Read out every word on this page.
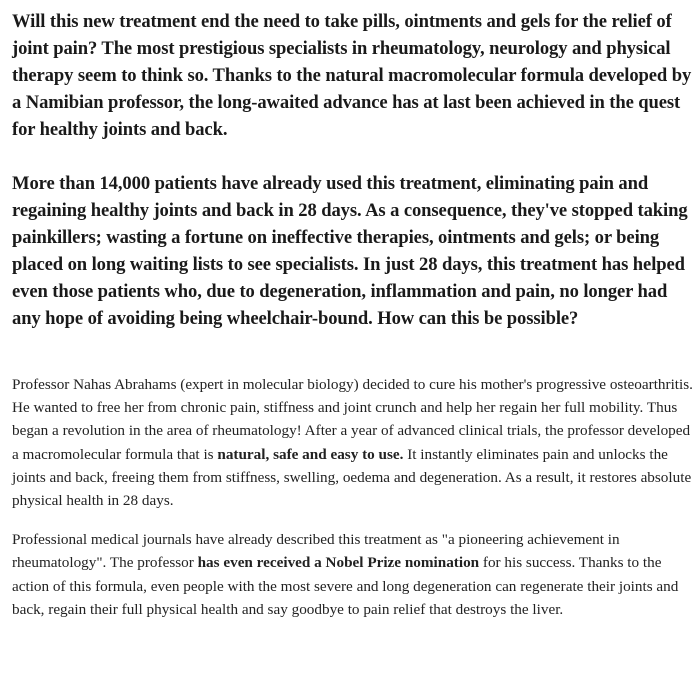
Will this new treatment end the need to take pills, ointments and gels for the relief of joint pain? The most prestigious specialists in rheumatology, neurology and physical therapy seem to think so. Thanks to the natural macromolecular formula developed by a Namibian professor, the long-awaited advance has at last been achieved in the quest for healthy joints and back.

More than 14,000 patients have already used this treatment, eliminating pain and regaining healthy joints and back in 28 days. As a consequence, they've stopped taking painkillers; wasting a fortune on ineffective therapies, ointments and gels; or being placed on long waiting lists to see specialists. In just 28 days, this treatment has helped even those patients who, due to degeneration, inflammation and pain, no longer had any hope of avoiding being wheelchair-bound. How can this be possible?

Professor Nahas Abrahams (expert in molecular biology) decided to cure his mother's progressive osteoarthritis. He wanted to free her from chronic pain, stiffness and joint crunch and help her regain her full mobility. Thus began a revolution in the area of rheumatology! After a year of advanced clinical trials, the professor developed a macromolecular formula that is natural, safe and easy to use. It instantly eliminates pain and unlocks the joints and back, freeing them from stiffness, swelling, oedema and degeneration. As a result, it restores absolute physical health in 28 days.

Professional medical journals have already described this treatment as "a pioneering achievement in rheumatology". The professor has even received a Nobel Prize nomination for his success. Thanks to the action of this formula, even people with the most severe and long degeneration can regenerate their joints and back, regain their full physical health and say goodbye to pain relief that destroys the liver.
